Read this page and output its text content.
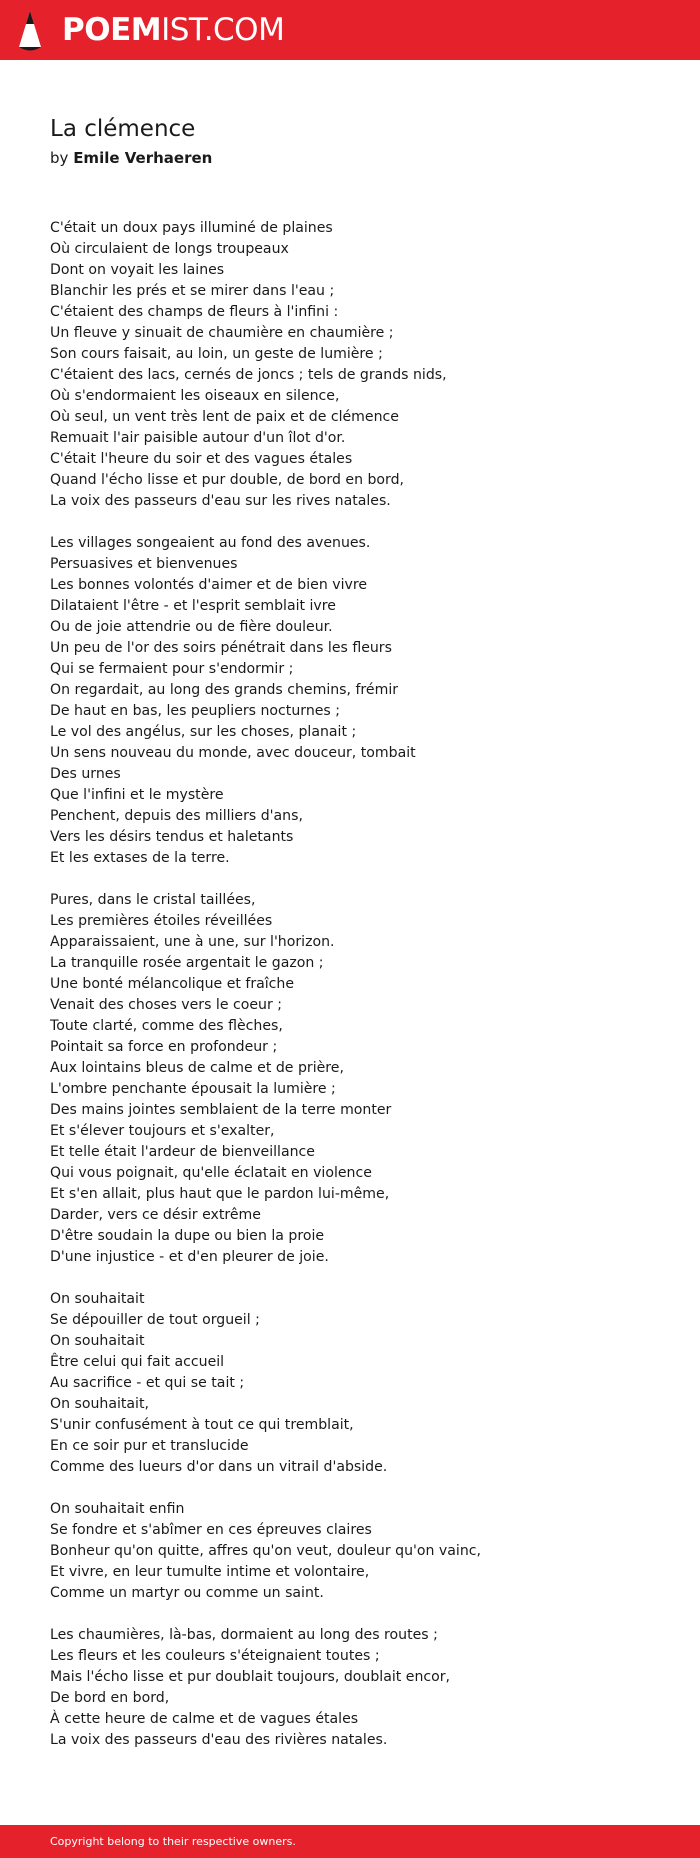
POEMIST.COM
La clémence
by Emile Verhaeren
C'était un doux pays illuminé de plaines
Où circulaient de longs troupeaux
Dont on voyait les laines
Blanchir les prés et se mirer dans l'eau ;
C'étaient des champs de fleurs à l'infini :
Un fleuve y sinuait de chaumière en chaumière ;
Son cours faisait, au loin, un geste de lumière ;
C'étaient des lacs, cernés de joncs ; tels de grands nids,
Où s'endormaient les oiseaux en silence,
Où seul, un vent très lent de paix et de clémence
Remuait l'air paisible autour d'un îlot d'or.
C'était l'heure du soir et des vagues étales
Quand l'écho lisse et pur double, de bord en bord,
La voix des passeurs d'eau sur les rives natales.
Les villages songeaient au fond des avenues.
Persuasives et bienvenues
Les bonnes volontés d'aimer et de bien vivre
Dilataient l'être - et l'esprit semblait ivre
Ou de joie attendrie ou de fière douleur.
Un peu de l'or des soirs pénétrait dans les fleurs
Qui se fermaient pour s'endormir ;
On regardait, au long des grands chemins, frémir
De haut en bas, les peupliers nocturnes ;
Le vol des angélus, sur les choses, planait ;
Un sens nouveau du monde, avec douceur, tombait
Des urnes
Que l'infini et le mystère
Penchent, depuis des milliers d'ans,
Vers les désirs tendus et haletants
Et les extases de la terre.
Pures, dans le cristal taillées,
Les premières étoiles réveillées
Apparaissaient, une à une, sur l'horizon.
La tranquille rosée argentait le gazon ;
Une bonté mélancolique et fraîche
Venait des choses vers le coeur ;
Toute clarté, comme des flèches,
Pointait sa force en profondeur ;
Aux lointains bleus de calme et de prière,
L'ombre penchante épousait la lumière ;
Des mains jointes semblaient de la terre monter
Et s'élever toujours et s'exalter,
Et telle était l'ardeur de bienveillance
Qui vous poignait, qu'elle éclatait en violence
Et s'en allait, plus haut que le pardon lui-même,
Darder, vers ce désir extrême
D'être soudain la dupe ou bien la proie
D'une injustice - et d'en pleurer de joie.
On souhaitait
Se dépouiller de tout orgueil ;
On souhaitait
Être celui qui fait accueil
Au sacrifice - et qui se tait ;
On souhaitait,
S'unir confusément à tout ce qui tremblait,
En ce soir pur et translucide
Comme des lueurs d'or dans un vitrail d'abside.
On souhaitait enfin
Se fondre et s'abîmer en ces épreuves claires
Bonheur qu'on quitte, affres qu'on veut, douleur qu'on vainc,
Et vivre, en leur tumulte intime et volontaire,
Comme un martyr ou comme un saint.
Les chaumières, là-bas, dormaient au long des routes ;
Les fleurs et les couleurs s'éteignaient toutes ;
Mais l'écho lisse et pur doublait toujours, doublait encor,
De bord en bord,
À cette heure de calme et de vagues étales
La voix des passeurs d'eau des rivières natales.
Copyright belong to their respective owners.
